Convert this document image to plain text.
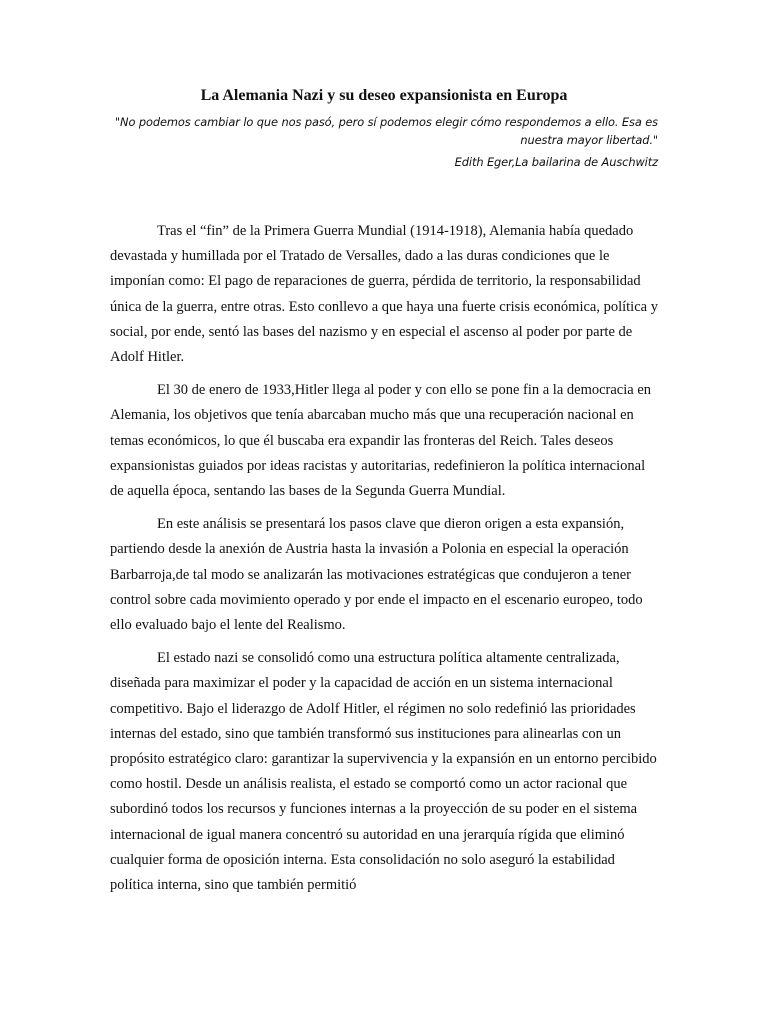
La Alemania Nazi y su deseo expansionista en Europa

"No podemos cambiar lo que nos pasó, pero sí podemos elegir cómo respondemos a ello. Esa es nuestra mayor libertad."

Edith Eger,La bailarina de Auschwitz

Tras el “fin” de la Primera Guerra Mundial (1914-1918), Alemania había quedado devastada y humillada por el Tratado de Versalles, dado a las duras condiciones que le imponían como: El pago de reparaciones de guerra, pérdida de territorio, la responsabilidad única de la guerra, entre otras. Esto conllevo a que haya una fuerte crisis económica, política y social, por ende, sentó las bases del nazismo y en especial el ascenso al poder por parte de Adolf Hitler.

El 30 de enero de 1933,Hitler llega al poder y con ello se pone fin a la democracia en Alemania, los objetivos que tenía abarcaban mucho más que una recuperación nacional en temas económicos, lo que él buscaba era expandir las fronteras del Reich. Tales deseos expansionistas guiados por ideas racistas y autoritarias, redefinieron la política internacional de aquella época, sentando las bases de la Segunda Guerra Mundial.

En este análisis se presentará los pasos clave que dieron origen a esta expansión, partiendo desde la anexión de Austria hasta la invasión a Polonia en especial la operación Barbarroja,de tal modo se analizarán las motivaciones estratégicas que condujeron a tener control sobre cada movimiento operado y por ende el impacto en el escenario europeo, todo ello evaluado bajo el lente del Realismo.

El estado nazi se consolidó como una estructura política altamente centralizada, diseñada para maximizar el poder y la capacidad de acción en un sistema internacional competitivo. Bajo el liderazgo de Adolf Hitler, el régimen no solo redefinió las prioridades internas del estado, sino que también transformó sus instituciones para alinearlas con un propósito estratégico claro: garantizar la supervivencia y la expansión en un entorno percibido como hostil. Desde un análisis realista, el estado se comportó como un actor racional que subordinó todos los recursos y funciones internas a la proyección de su poder en el sistema internacional de igual manera concentró su autoridad en una jerarquía rígida que eliminó cualquier forma de oposición interna. Esta consolidación no solo aseguró la estabilidad política interna, sino que también permitió
